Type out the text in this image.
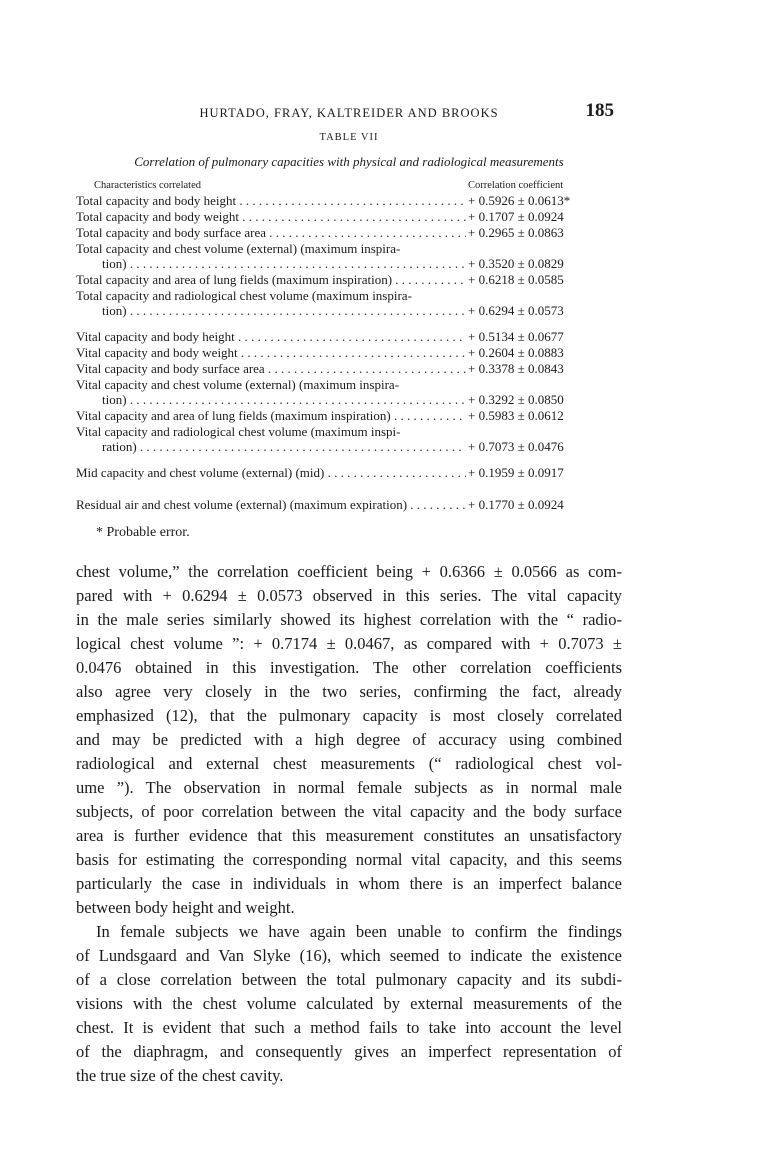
HURTADO, FRAY, KALTREIDER AND BROOKS	185
TABLE VII
Correlation of pulmonary capacities with physical and radiological measurements
Characteristics correlated	Correlation coefficient
Total capacity and body height . . .	+ 0.5926 ± 0.0613*
Total capacity and body weight . . .	+ 0.1707 ± 0.0924
Total capacity and body surface area . . .	+ 0.2965 ± 0.0863
Total capacity and chest volume (external) (maximum inspira-
tion) . . .	+ 0.3520 ± 0.0829
Total capacity and area of lung fields (maximum inspiration) . . .	+ 0.6218 ± 0.0585
Total capacity and radiological chest volume (maximum inspira-
tion) . . .	+ 0.6294 ± 0.0573
Vital capacity and body height . . .	+ 0.5134 ± 0.0677
Vital capacity and body weight . . .	+ 0.2604 ± 0.0883
Vital capacity and body surface area . . .	+ 0.3378 ± 0.0843
Vital capacity and chest volume (external) (maximum inspira-
tion) . . .	+ 0.3292 ± 0.0850
Vital capacity and area of lung fields (maximum inspiration) . . .	+ 0.5983 ± 0.0612
Vital capacity and radiological chest volume (maximum inspi-
ration) . . .	+ 0.7073 ± 0.0476
Mid capacity and chest volume (external) (mid) . . .	+ 0.1959 ± 0.0917
Residual air and chest volume (external) (maximum expiration) . . .	+ 0.1770 ± 0.0924
* Probable error.
chest volume,” the correlation coefficient being + 0.6366 ± 0.0566 as com-
pared with + 0.6294 ± 0.0573 observed in this series. The vital capacity
in the male series similarly showed its highest correlation with the “ radio-
logical chest volume ”: + 0.7174 ± 0.0467, as compared with + 0.7073 ±
0.0476 obtained in this investigation. The other correlation coefficients
also agree very closely in the two series, confirming the fact, already
emphasized (12), that the pulmonary capacity is most closely correlated
and may be predicted with a high degree of accuracy using combined
radiological and external chest measurements (“ radiological chest vol-
ume ”). The observation in normal female subjects as in normal male
subjects, of poor correlation between the vital capacity and the body surface
area is further evidence that this measurement constitutes an unsatisfactory
basis for estimating the corresponding normal vital capacity, and this seems
particularly the case in individuals in whom there is an imperfect balance
between body height and weight.
In female subjects we have again been unable to confirm the findings
of Lundsgaard and Van Slyke (16), which seemed to indicate the existence
of a close correlation between the total pulmonary capacity and its subdi-
visions with the chest volume calculated by external measurements of the
chest. It is evident that such a method fails to take into account the level
of the diaphragm, and consequently gives an imperfect representation of
the true size of the chest cavity.
